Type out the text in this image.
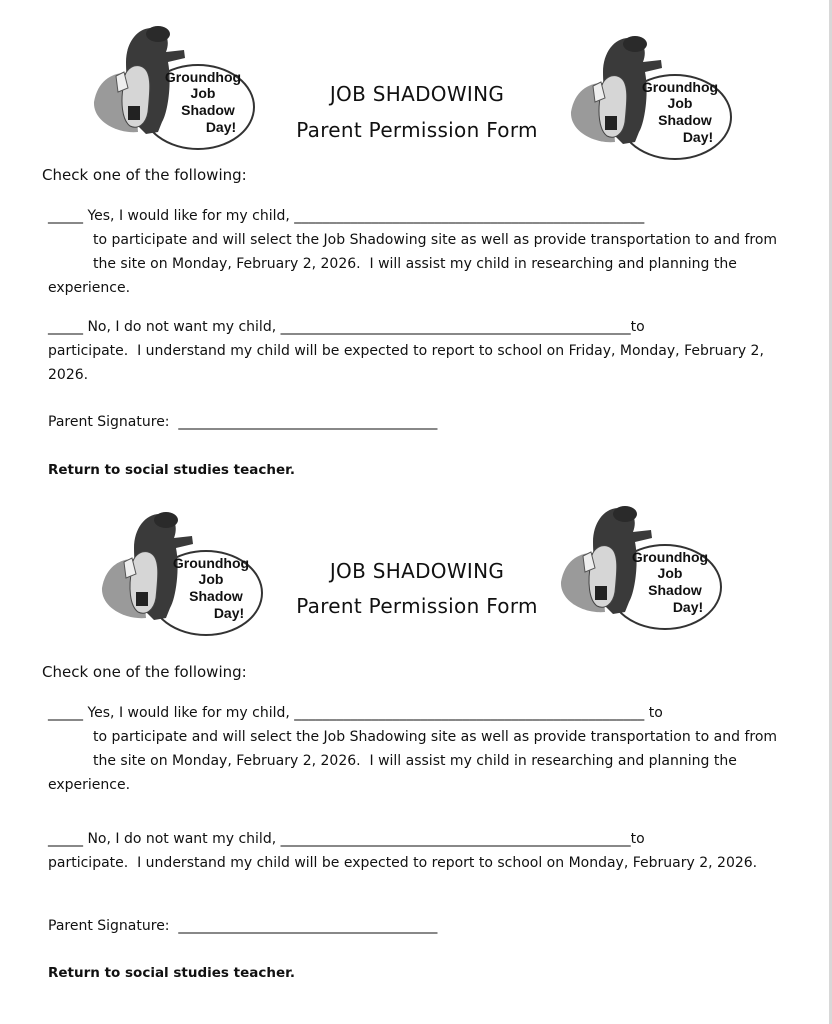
Groundhog
Job
Shadow
Day!
Groundhog
Job
Shadow
Day!
JOB SHADOWING
Parent Permission Form
Check one of the following:
_____ Yes, I would like for my child, __________________________________________________
to participate and will select the Job Shadowing site as well as provide transportation to and from
the site on Monday, February 2, 2026.  I will assist my child in researching and planning the
experience.
_____ No, I do not want my child, __________________________________________________to
participate.  I understand my child will be expected to report to school on Friday, Monday, February 2,
2026.
Parent Signature:  _____________________________________
Return to social studies teacher.
Groundhog
Job
Shadow
Day!
Groundhog
Job
Shadow
Day!
JOB SHADOWING
Parent Permission Form
Check one of the following:
_____ Yes, I would like for my child, __________________________________________________ to
to participate and will select the Job Shadowing site as well as provide transportation to and from
the site on Monday, February 2, 2026.  I will assist my child in researching and planning the
experience.
_____ No, I do not want my child, __________________________________________________to
participate.  I understand my child will be expected to report to school on Monday, February 2, 2026.
Parent Signature:  _____________________________________
Return to social studies teacher.
